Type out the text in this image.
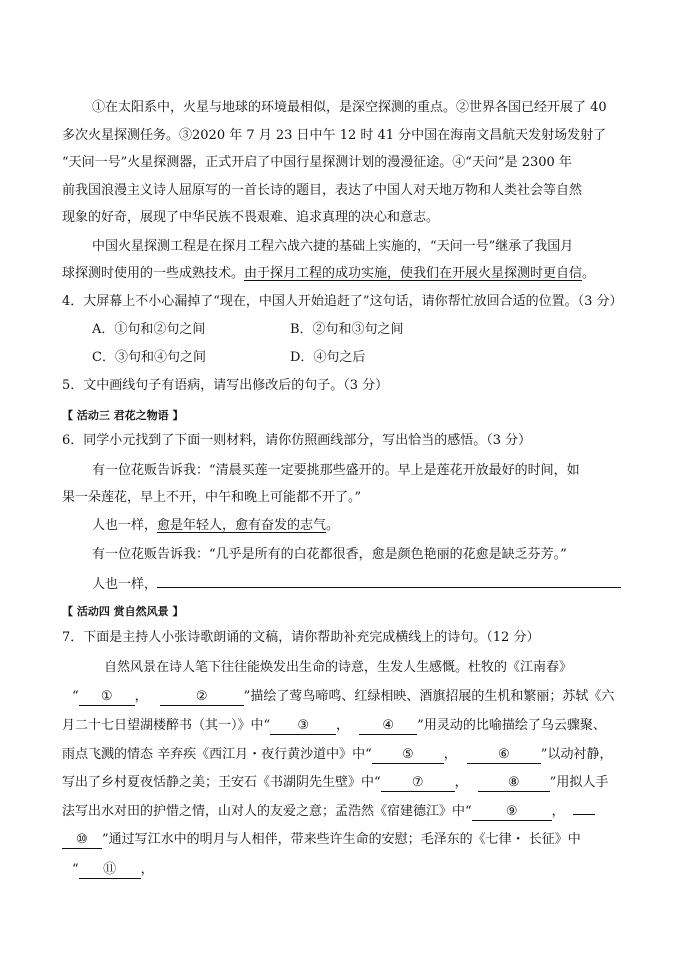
①在太阳系中，火星与地球的环境最相似，是深空探测的重点。②世界各国已经开展了 40
多次火星探测任务。③2020 年 7 月 23 日中午 12 时 41 分中国在海南文昌航天发射场发射了
“天问一号”火星探测器，正式开启了中国行星探测计划的漫漫征途。④“天问”是 2300 年
前我国浪漫主义诗人屈原写的一首长诗的题目，表达了中国人对天地万物和人类社会等自然
现象的好奇，展现了中华民族不畏艰难、追求真理的决心和意志。
中国火星探测工程是在探月工程六战六捷的基础上实施的，“天问一号”继承了我国月
球探测时使用的一些成熟技术。由于探月工程的成功实施，使我们在开展火星探测时更自信。
4．大屏幕上不小心漏掉了“现在，中国人开始追赶了”这句话，请你帮忙放回合适的位置。（3 分）
A．①句和②句之间	B．②句和③句之间
C．③句和④句之间	D．④句之后
5．文中画线句子有语病，请写出修改后的句子。（3 分）
【 活动三 君花之物语 】
6．同学小元找到了下面一则材料，请你仿照画线部分，写出恰当的感悟。（3 分）
有一位花贩告诉我：“清晨买莲一定要挑那些盛开的。早上是莲花开放最好的时间，如
果一朵莲花，早上不开，中午和晚上可能都不开了。”
人也一样，愈是年轻人，愈有奋发的志气。
有一位花贩告诉我：“几乎是所有的白花都很香，愈是颜色艳丽的花愈是缺乏芬芳。”
人也一样，
【 活动四 赏自然风景 】
7．下面是主持人小张诗歌朗诵的文稿，请你帮助补充完成横线上的诗句。（12 分）
自然风景在诗人笔下往往能焕发出生命的诗意，生发人生感慨。杜牧的《江南春》
“ ① ，	②	”描绘了莺鸟啼鸣、红绿相映、酒旗招展的生机和繁丽；苏轼《六
月二十七日望湖楼醉书（其一）》中“ ③ ，	④ ”用灵动的比喻描绘了乌云骤聚、
雨点飞溅的情态 辛弃疾《西江月・夜行黄沙道中》中“ ⑤ ，	⑥ ”以动衬静，
写出了乡村夏夜恬静之美；王安石《书湖阴先生壁》中“ ⑦ ，	⑧ ”用拟人手
法写出水对田的护惜之情，山对人的友爱之意；孟浩然《宿建德江》中“	⑨	，
⑩ ”通过写江水中的明月与人相伴，带来些许生命的安慰；毛泽东的《七律・ 长征》中
“ ⑪ ，
